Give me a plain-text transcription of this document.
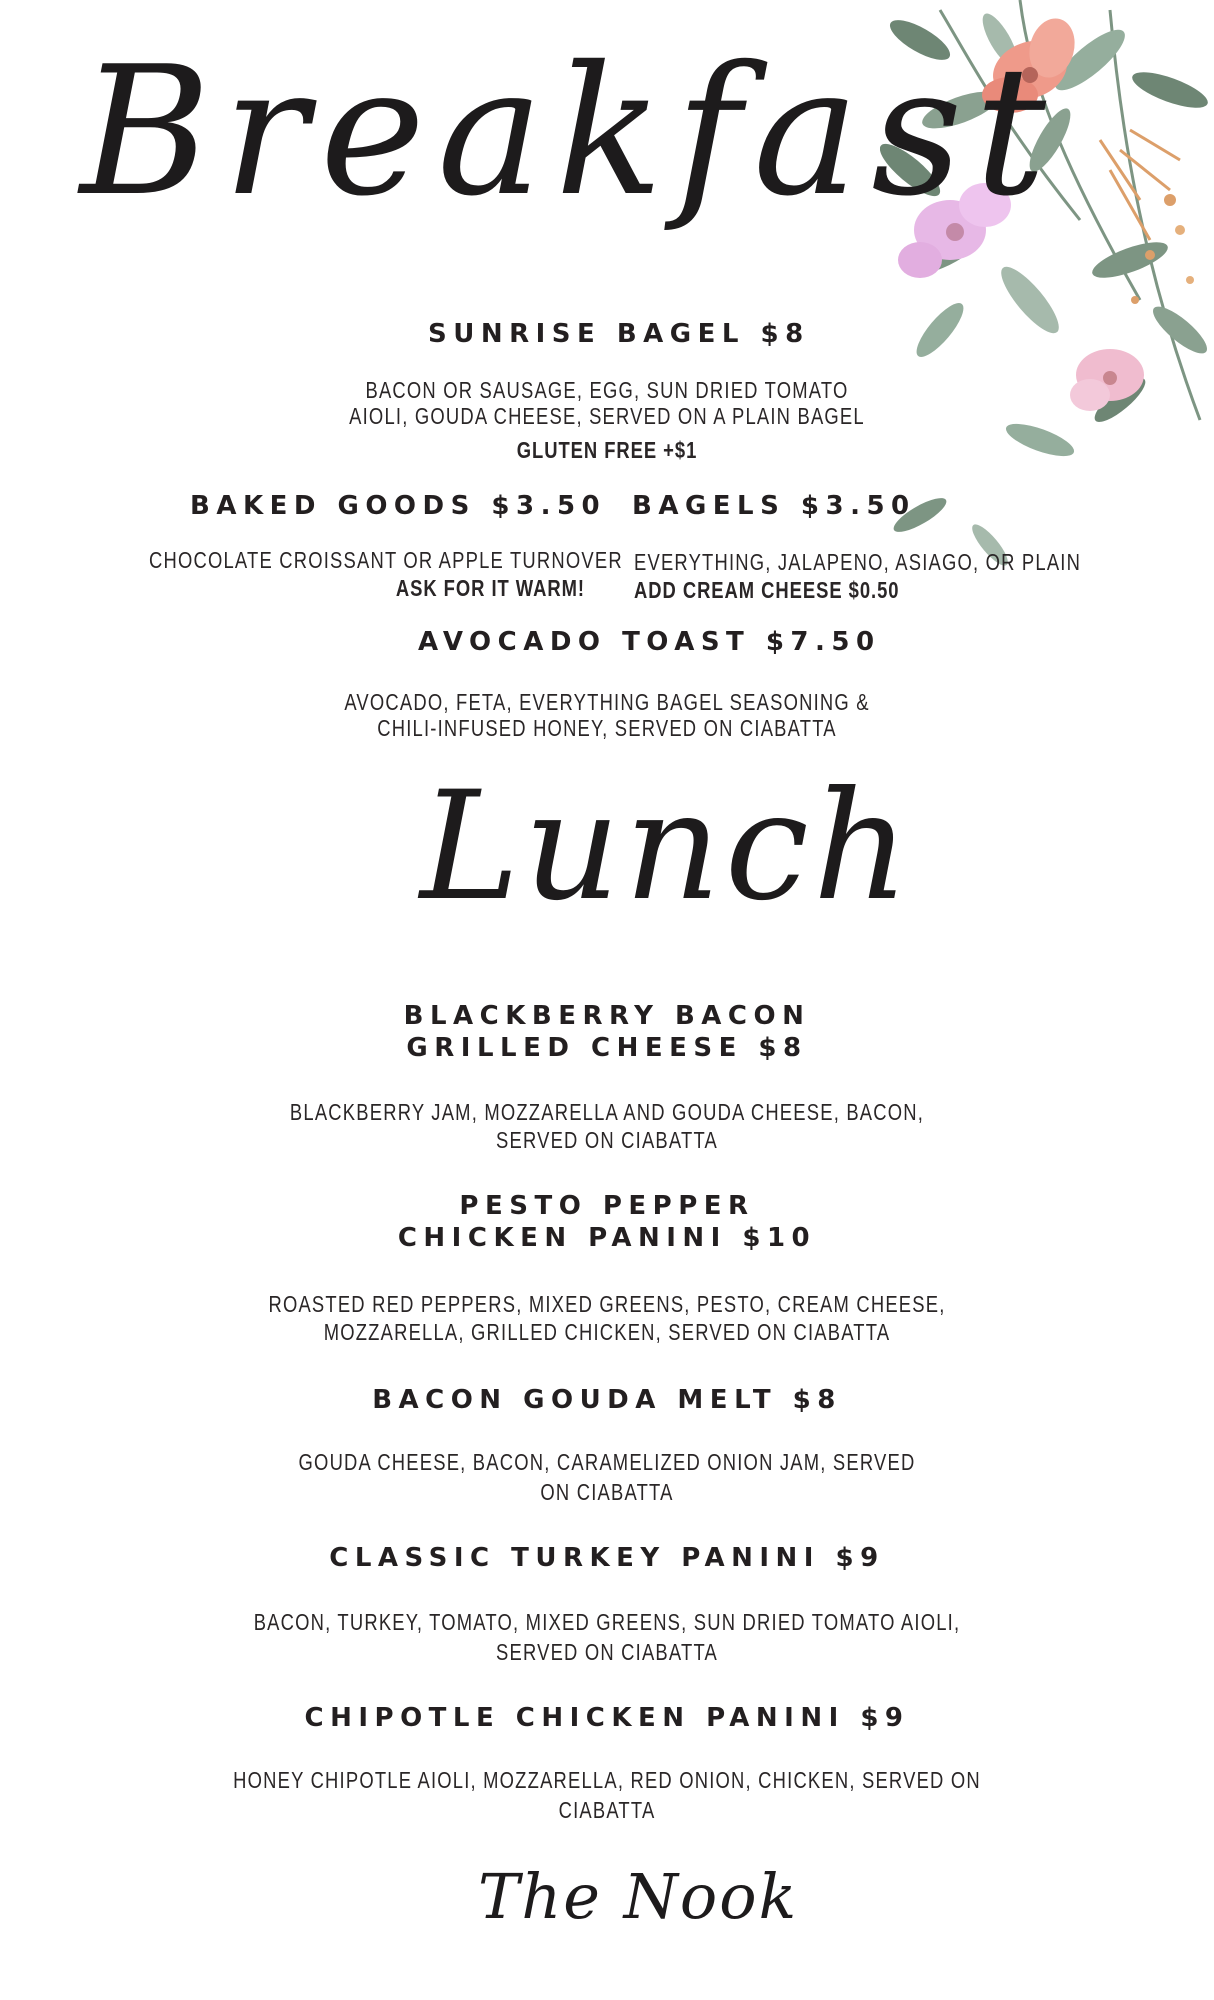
Breakfast
SUNRISE BAGEL $8

BACON OR SAUSAGE, EGG, SUN DRIED TOMATO

AIOLI, GOUDA CHEESE, SERVED ON A PLAIN BAGEL

GLUTEN FREE +$1

BAKED GOODS $3.50

CHOCOLATE CROISSANT OR APPLE TURNOVER

ASK FOR IT WARM!

BAGELS $3.50

EVERYTHING, JALAPENO, ASIAGO, OR PLAIN

ADD CREAM CHEESE $0.50

AVOCADO TOAST $7.50

AVOCADO, FETA, EVERYTHING BAGEL SEASONING &

CHILI-INFUSED HONEY, SERVED ON CIABATTA

Lunch
BLACKBERRY BACON
GRILLED CHEESE $8

BLACKBERRY JAM, MOZZARELLA AND GOUDA CHEESE, BACON,

SERVED ON CIABATTA

PESTO PEPPER
CHICKEN PANINI $10

ROASTED RED PEPPERS, MIXED GREENS, PESTO, CREAM CHEESE,

MOZZARELLA, GRILLED CHICKEN, SERVED ON CIABATTA

BACON GOUDA MELT $8

GOUDA CHEESE, BACON, CARAMELIZED ONION JAM, SERVED

ON CIABATTA

CLASSIC TURKEY PANINI $9

BACON, TURKEY, TOMATO, MIXED GREENS, SUN DRIED TOMATO AIOLI,

SERVED ON CIABATTA

CHIPOTLE CHICKEN PANINI $9

HONEY CHIPOTLE AIOLI, MOZZARELLA, RED ONION, CHICKEN, SERVED ON

CIABATTA

The Nook
